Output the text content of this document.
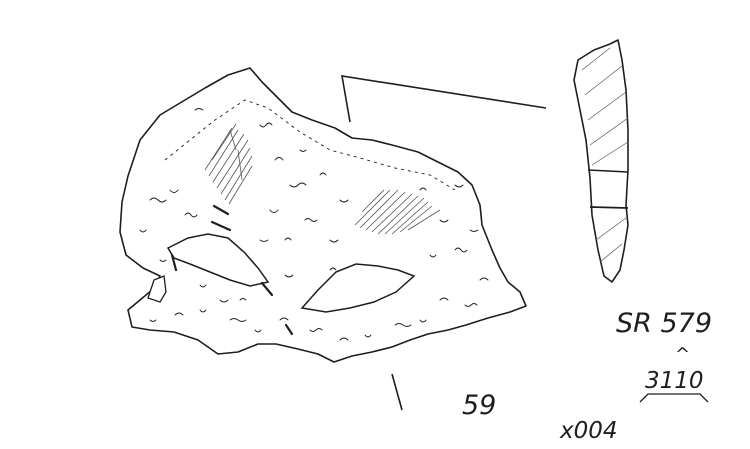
SR 579
^
3110
59
x004
